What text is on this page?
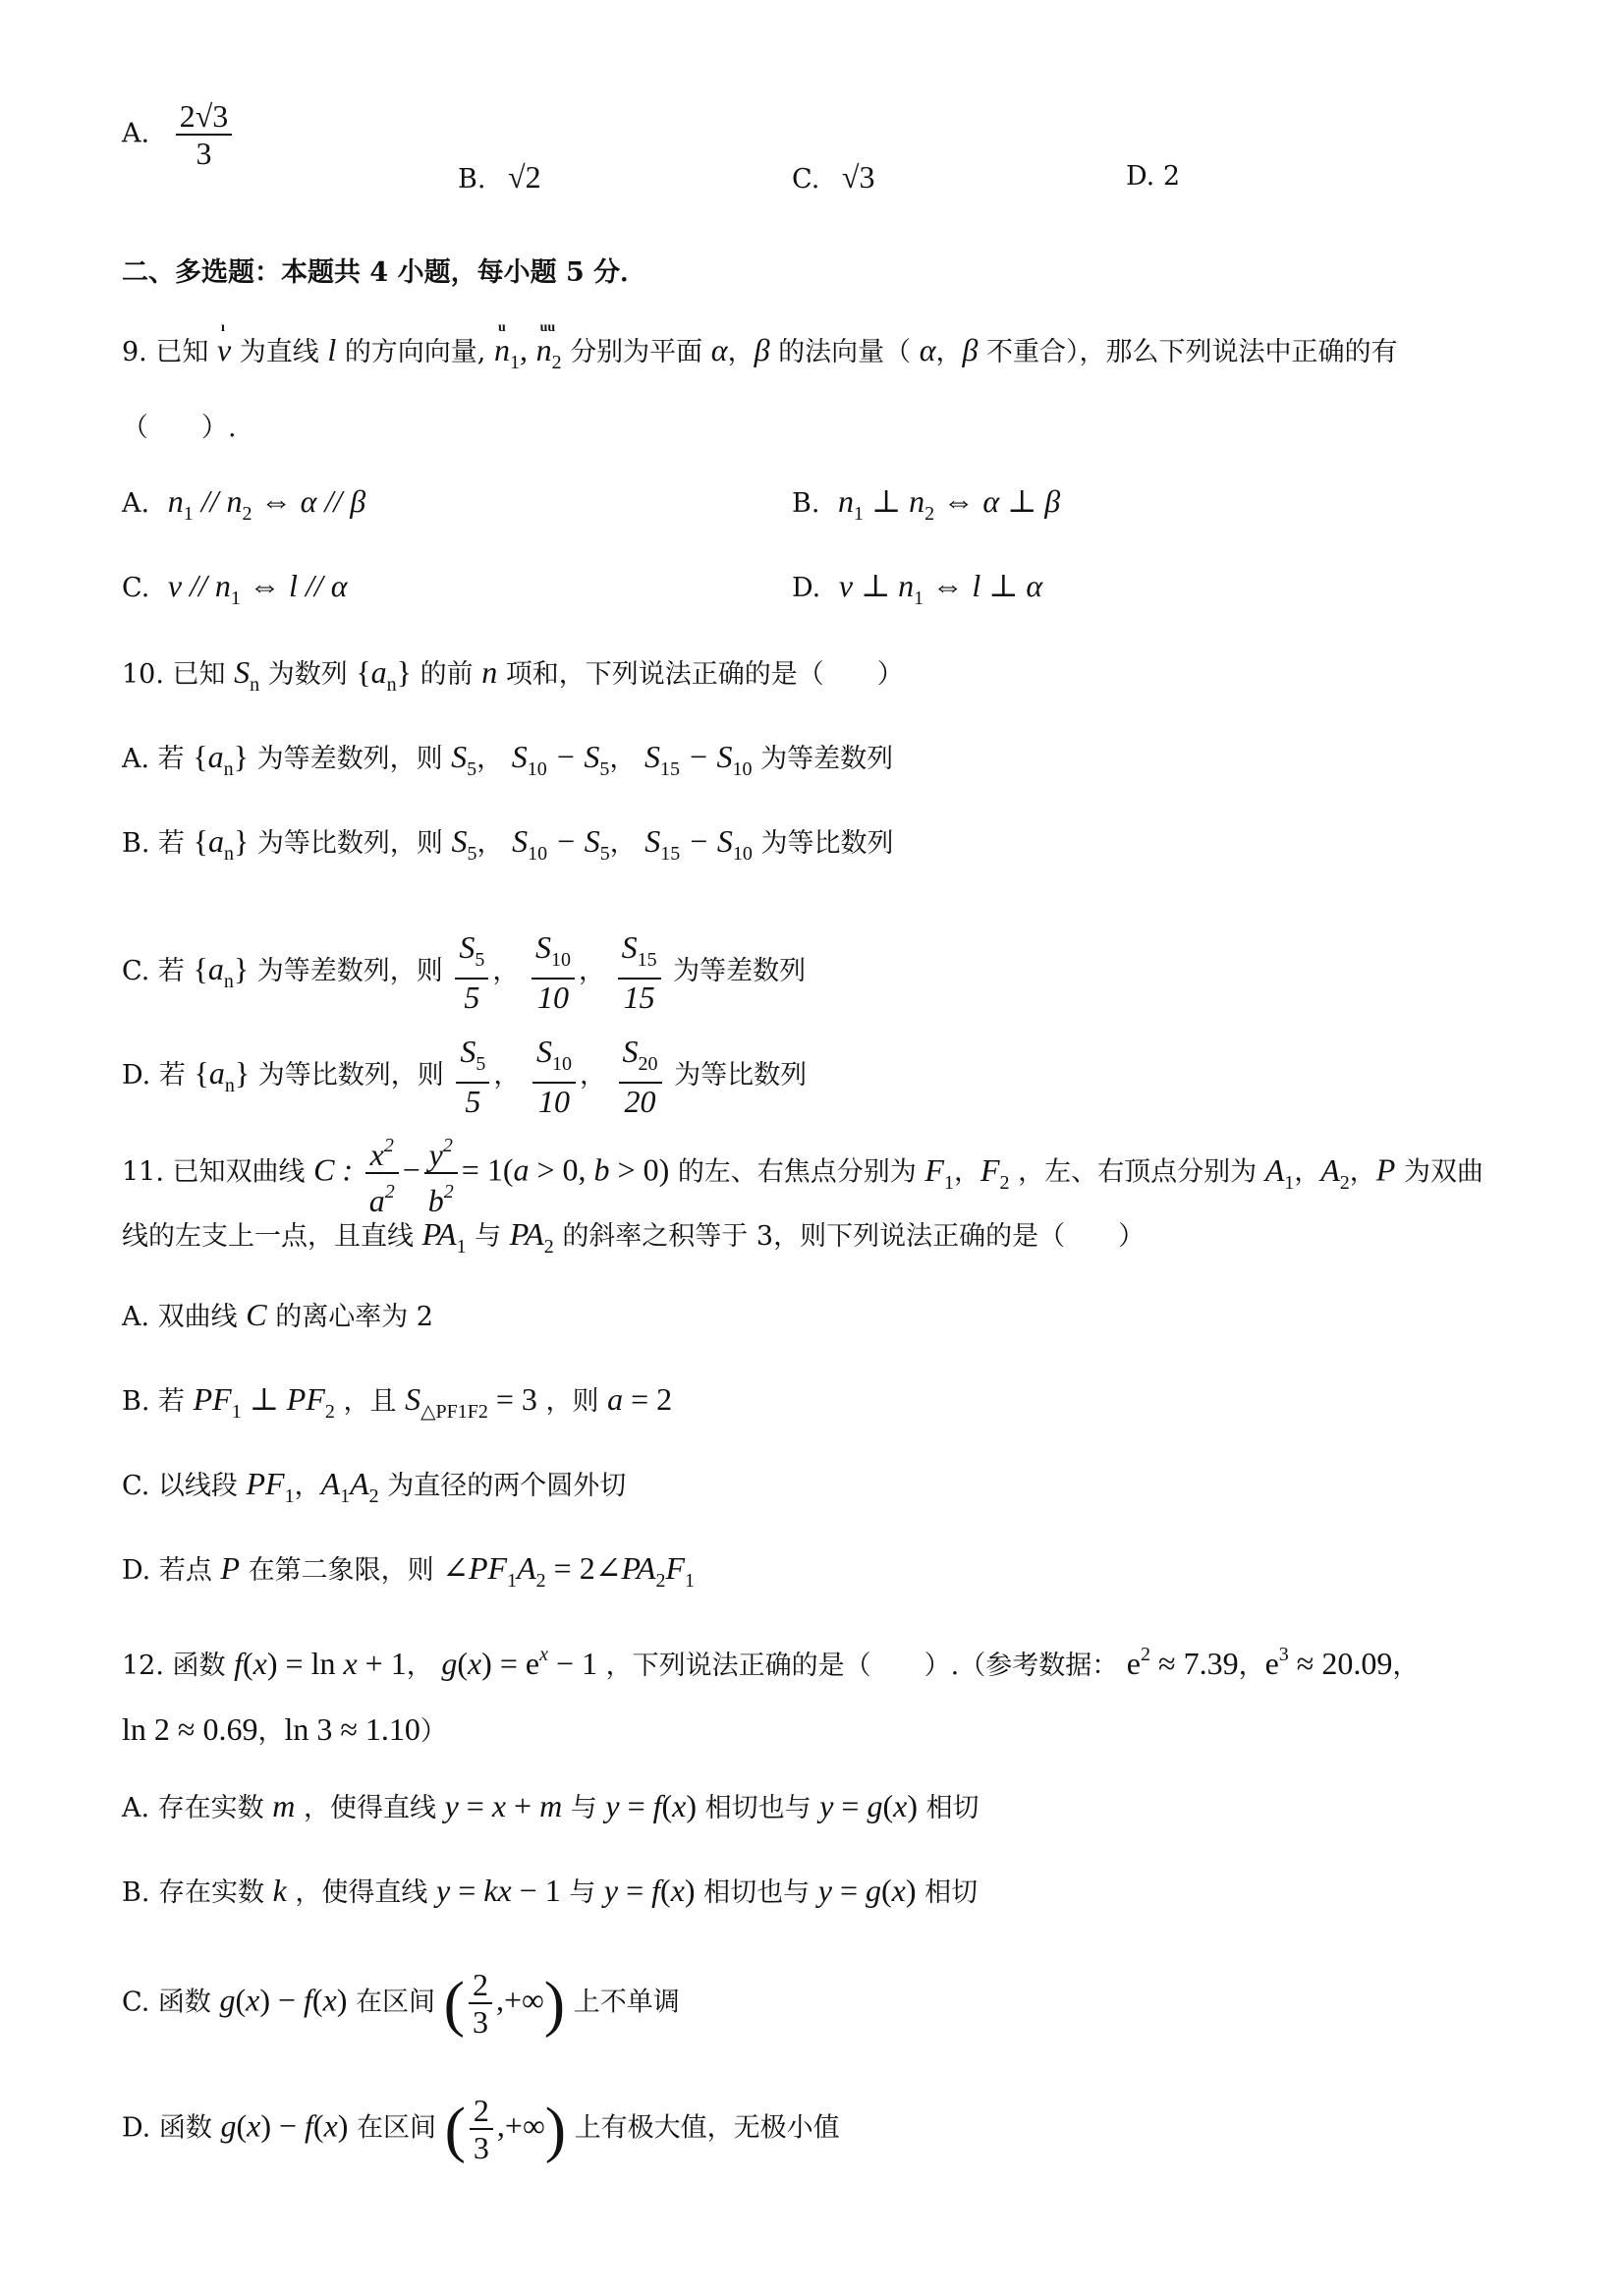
A. $\frac{2√3}{3}$
B. √2	C. √3	D. 2
二、多选题：本题共 4 小题，每小题 5 分．
9. 已知
ı
v 为直线 l 的方向向量,
u
$n_1$,
uu
$n_2$ 分别为平面 α，β 的法向量（ α，β 不重合），那么下列说法中正确的有
（　　）.
A. $n_1 // n_2$ ⇔ α // β	B. $n_1$ ⊥ $n_2$ ⇔ α ⊥ β
C. v // $n_1$ ⇔ l // α	D. v ⊥ $n_1$ ⇔ l ⊥ α
10. 已知 $S_n$ 为数列 $\{a_n\}$ 的前 n 项和，下列说法正确的是（　　）
A. 若 $\{a_n\}$ 为等差数列，则 $S_5$， $S_{10} - S_5$， $S_{15} - S_{10}$ 为等差数列
B. 若 $\{a_n\}$ 为等比数列，则 $S_5$， $S_{10} - S_5$， $S_{15} - S_{10}$ 为等比数列
C. 若 $\{a_n\}$ 为等差数列，则 $\frac{S_5}{5}$ ， $\frac{S_{10}}{10}$ ， $\frac{S_{15}}{15}$ 为等差数列
D. 若 $\{a_n\}$ 为等比数列，则 $\frac{S_5}{5}$ ， $\frac{S_{10}}{10}$ ， $\frac{S_{20}}{20}$ 为等比数列
11. 已知双曲线 C : $\frac{x^2}{a^2} - \frac{y^2}{b^2} = 1(a > 0$, b > 0) 的左、右焦点分别为 $F_1$，$F_2$ ，左、右顶点分别为 $A_1$，$A_2$，P 为双曲
线的左支上一点，且直线 $PA_1$ 与 $PA_2$ 的斜率之积等于 3，则下列说法正确的是（　　）
A. 双曲线 C 的离心率为 2
B. 若 $PF_1$ ⊥ $PF_2$ ，且 $S_{\triangle PF1F2} = 3$ ，则 a = 2
C. 以线段 $PF_1$，$A_1A_2$ 为直径的两个圆外切
D. 若点 P 在第二象限，则 $\angle PF_1A_2$ = $2\angle PA_2F_1$
12. 函数 f(x) = ln x + 1， $g(x) = e^x - 1$ ，下列说法正确的是（　　）.（参考数据： $e^2 \approx 7.39$，$e^3 \approx 20.09$，
ln 2 ≈ 0.69，ln 3 ≈ 1.10）
A. 存在实数 m ，使得直线 y = x + m 与 y = f(x) 相切也与 y = g(x) 相切
B. 存在实数 k ，使得直线 y = kx − 1 与 y = f(x) 相切也与 y = g(x) 相切
C. 函数 g(x) − f(x) 在区间 ( $\frac{2}{3}$ ,+∞) 上不单调
D. 函数 g(x) − f(x) 在区间 ( $\frac{2}{3}$ ,+∞) 上有极大值，无极小值
